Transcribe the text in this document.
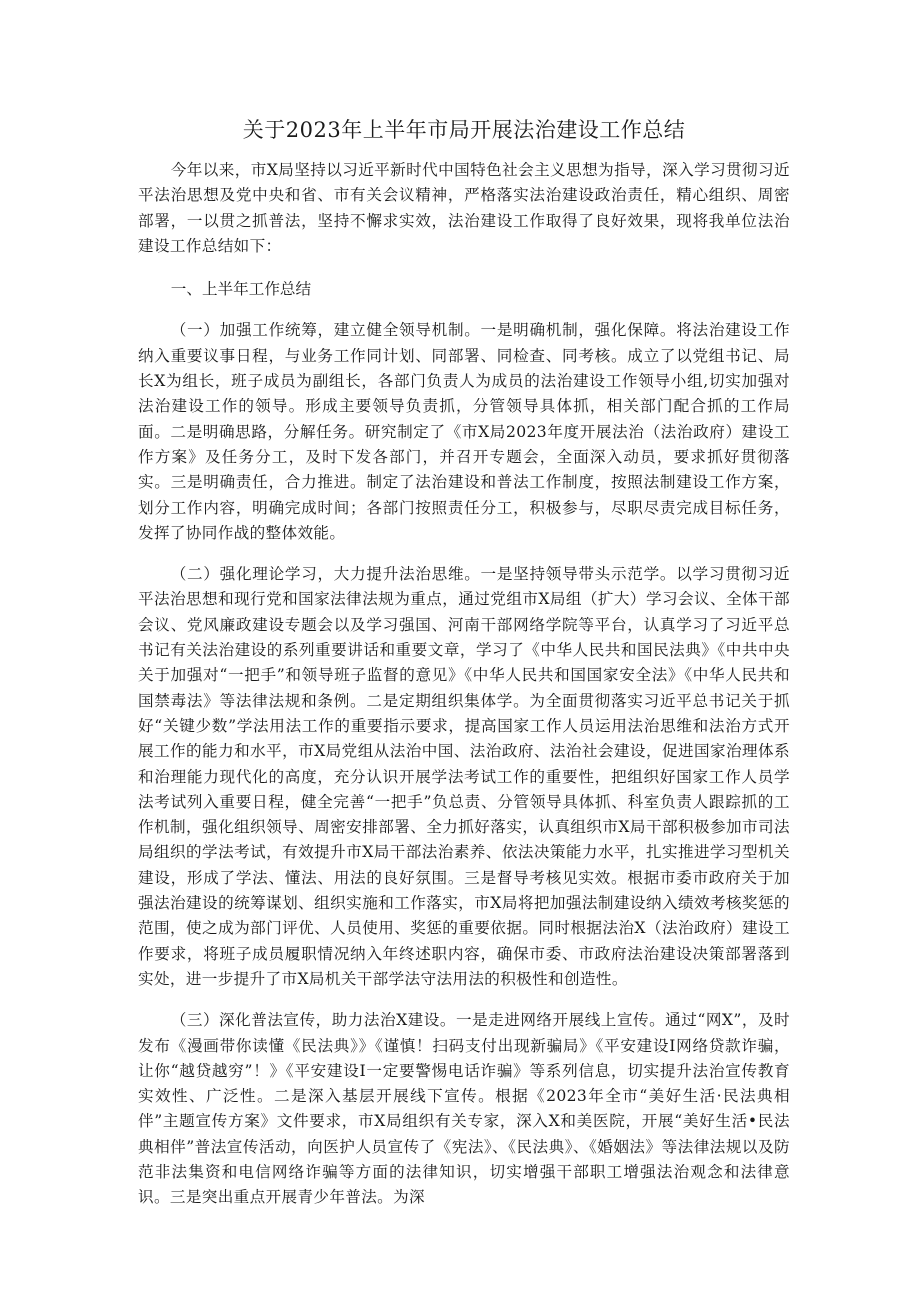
关于2023年上半年市局开展法治建设工作总结

今年以来，市X局坚持以习近平新时代中国特色社会主义思想为指导，深入学习贯彻习近平法治思想及党中央和省、市有关会议精神，严格落实法治建设政治责任，精心组织、周密部署，一以贯之抓普法，坚持不懈求实效，法治建设工作取得了良好效果，现将我单位法治建设工作总结如下：

一、上半年工作总结

（一）加强工作统筹，建立健全领导机制。一是明确机制，强化保障。将法治建设工作纳入重要议事日程，与业务工作同计划、同部署、同检查、同考核。成立了以党组书记、局长X为组长，班子成员为副组长，各部门负责人为成员的法治建设工作领导小组,切实加强对法治建设工作的领导。形成主要领导负责抓，分管领导具体抓，相关部门配合抓的工作局面。二是明确思路，分解任务。研究制定了《市X局2023年度开展法治（法治政府）建设工作方案》及任务分工，及时下发各部门，并召开专题会，全面深入动员，要求抓好贯彻落实。三是明确责任，合力推进。制定了法治建设和普法工作制度，按照法制建设工作方案，划分工作内容，明确完成时间；各部门按照责任分工，积极参与，尽职尽责完成目标任务，发挥了协同作战的整体效能。

（二）强化理论学习，大力提升法治思维。一是坚持领导带头示范学。以学习贯彻习近平法治思想和现行党和国家法律法规为重点，通过党组市X局组（扩大）学习会议、全体干部会议、党风廉政建设专题会以及学习强国、河南干部网络学院等平台，认真学习了习近平总书记有关法治建设的系列重要讲话和重要文章，学习了《中华人民共和国民法典》《中共中央关于加强对“一把手”和领导班子监督的意见》《中华人民共和国国家安全法》《中华人民共和国禁毒法》等法律法规和条例。二是定期组织集体学。为全面贯彻落实习近平总书记关于抓好“关键少数”学法用法工作的重要指示要求，提高国家工作人员运用法治思维和法治方式开展工作的能力和水平，市X局党组从法治中国、法治政府、法治社会建设，促进国家治理体系和治理能力现代化的高度，充分认识开展学法考试工作的重要性，把组织好国家工作人员学法考试列入重要日程，健全完善“一把手”负总责、分管领导具体抓、科室负责人跟踪抓的工作机制，强化组织领导、周密安排部署、全力抓好落实，认真组织市X局干部积极参加市司法局组织的学法考试，有效提升市X局干部法治素养、依法决策能力水平，扎实推进学习型机关建设，形成了学法、懂法、用法的良好氛围。三是督导考核见实效。根据市委市政府关于加强法治建设的统筹谋划、组织实施和工作落实，市X局将把加强法制建设纳入绩效考核奖惩的范围，使之成为部门评优、人员使用、奖惩的重要依据。同时根据法治X（法治政府）建设工作要求，将班子成员履职情况纳入年终述职内容，确保市委、市政府法治建设决策部署落到实处，进一步提升了市X局机关干部学法守法用法的积极性和创造性。

（三）深化普法宣传，助力法治X建设。一是走进网络开展线上宣传。通过“网X”，及时发布《漫画带你读懂《民法典》》《谨慎！扫码支付出现新骗局》《平安建设I网络贷款诈骗，让你“越贷越穷”！》《平安建设I一定要警惕电话诈骗》等系列信息，切实提升法治宣传教育实效性、广泛性。二是深入基层开展线下宣传。根据《2023年全市“美好生活·民法典相伴”主题宣传方案》文件要求，市X局组织有关专家，深入X和美医院，开展“美好生活•民法典相伴”普法宣传活动，向医护人员宣传了《宪法》、《民法典》、《婚姻法》等法律法规以及防范非法集资和电信网络诈骗等方面的法律知识，切实增强干部职工增强法治观念和法律意识。三是突出重点开展青少年普法。为深
